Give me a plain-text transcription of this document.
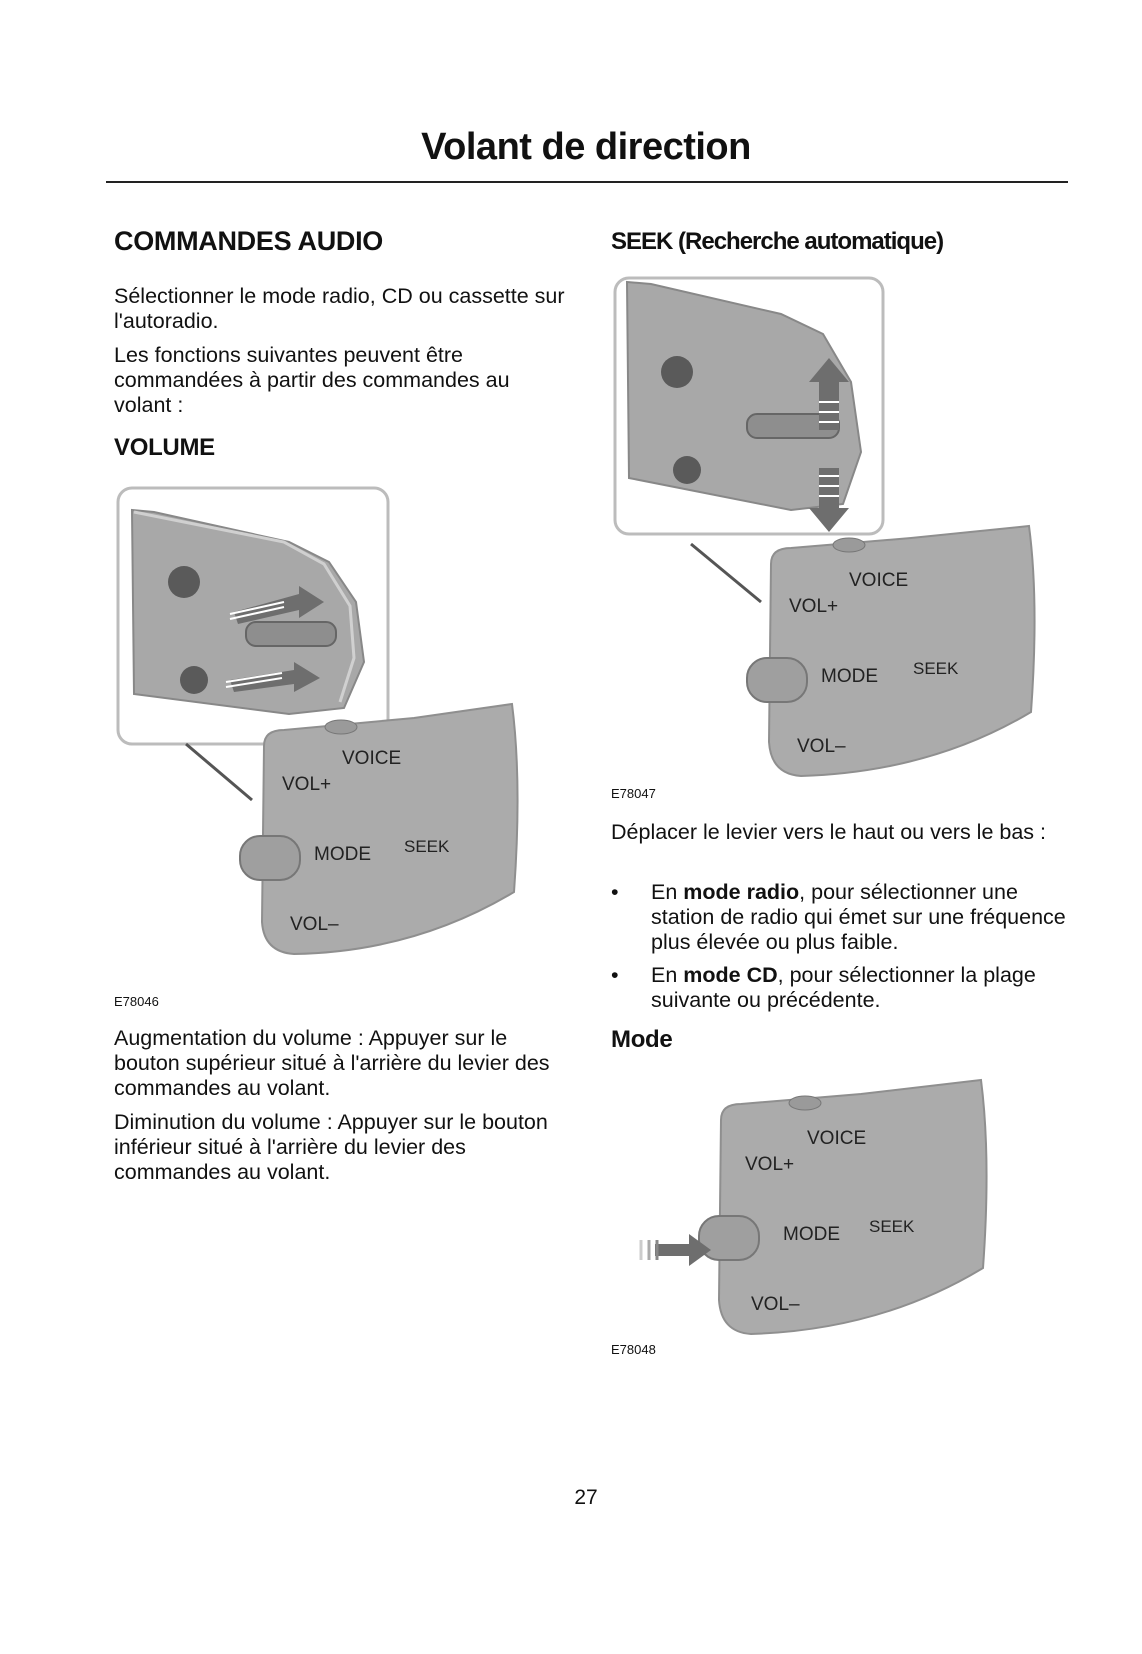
Volant de direction
COMMANDES AUDIO

Sélectionner le mode radio, CD ou cassette sur l'autoradio.

Les fonctions suivantes peuvent être commandées à partir des commandes au volant :

VOLUME
VOICE
VOL+
MODE SEEK
VOL–
E78046

Augmentation du volume : Appuyer sur le bouton supérieur situé à l'arrière du levier des commandes au volant.

Diminution du volume : Appuyer sur le bouton inférieur situé à l'arrière du levier des commandes au volant.

SEEK (Recherche automatique)
VOICE
VOL+
MODE SEEK
VOL–
E78047

Déplacer le levier vers le haut ou vers le bas :

• En mode radio, pour sélectionner une station de radio qui émet sur une fréquence plus élevée ou plus faible.
• En mode CD, pour sélectionner la plage suivante ou précédente.
Mode
VOICE
VOL+
MODE SEEK
VOL–
E78048
27
